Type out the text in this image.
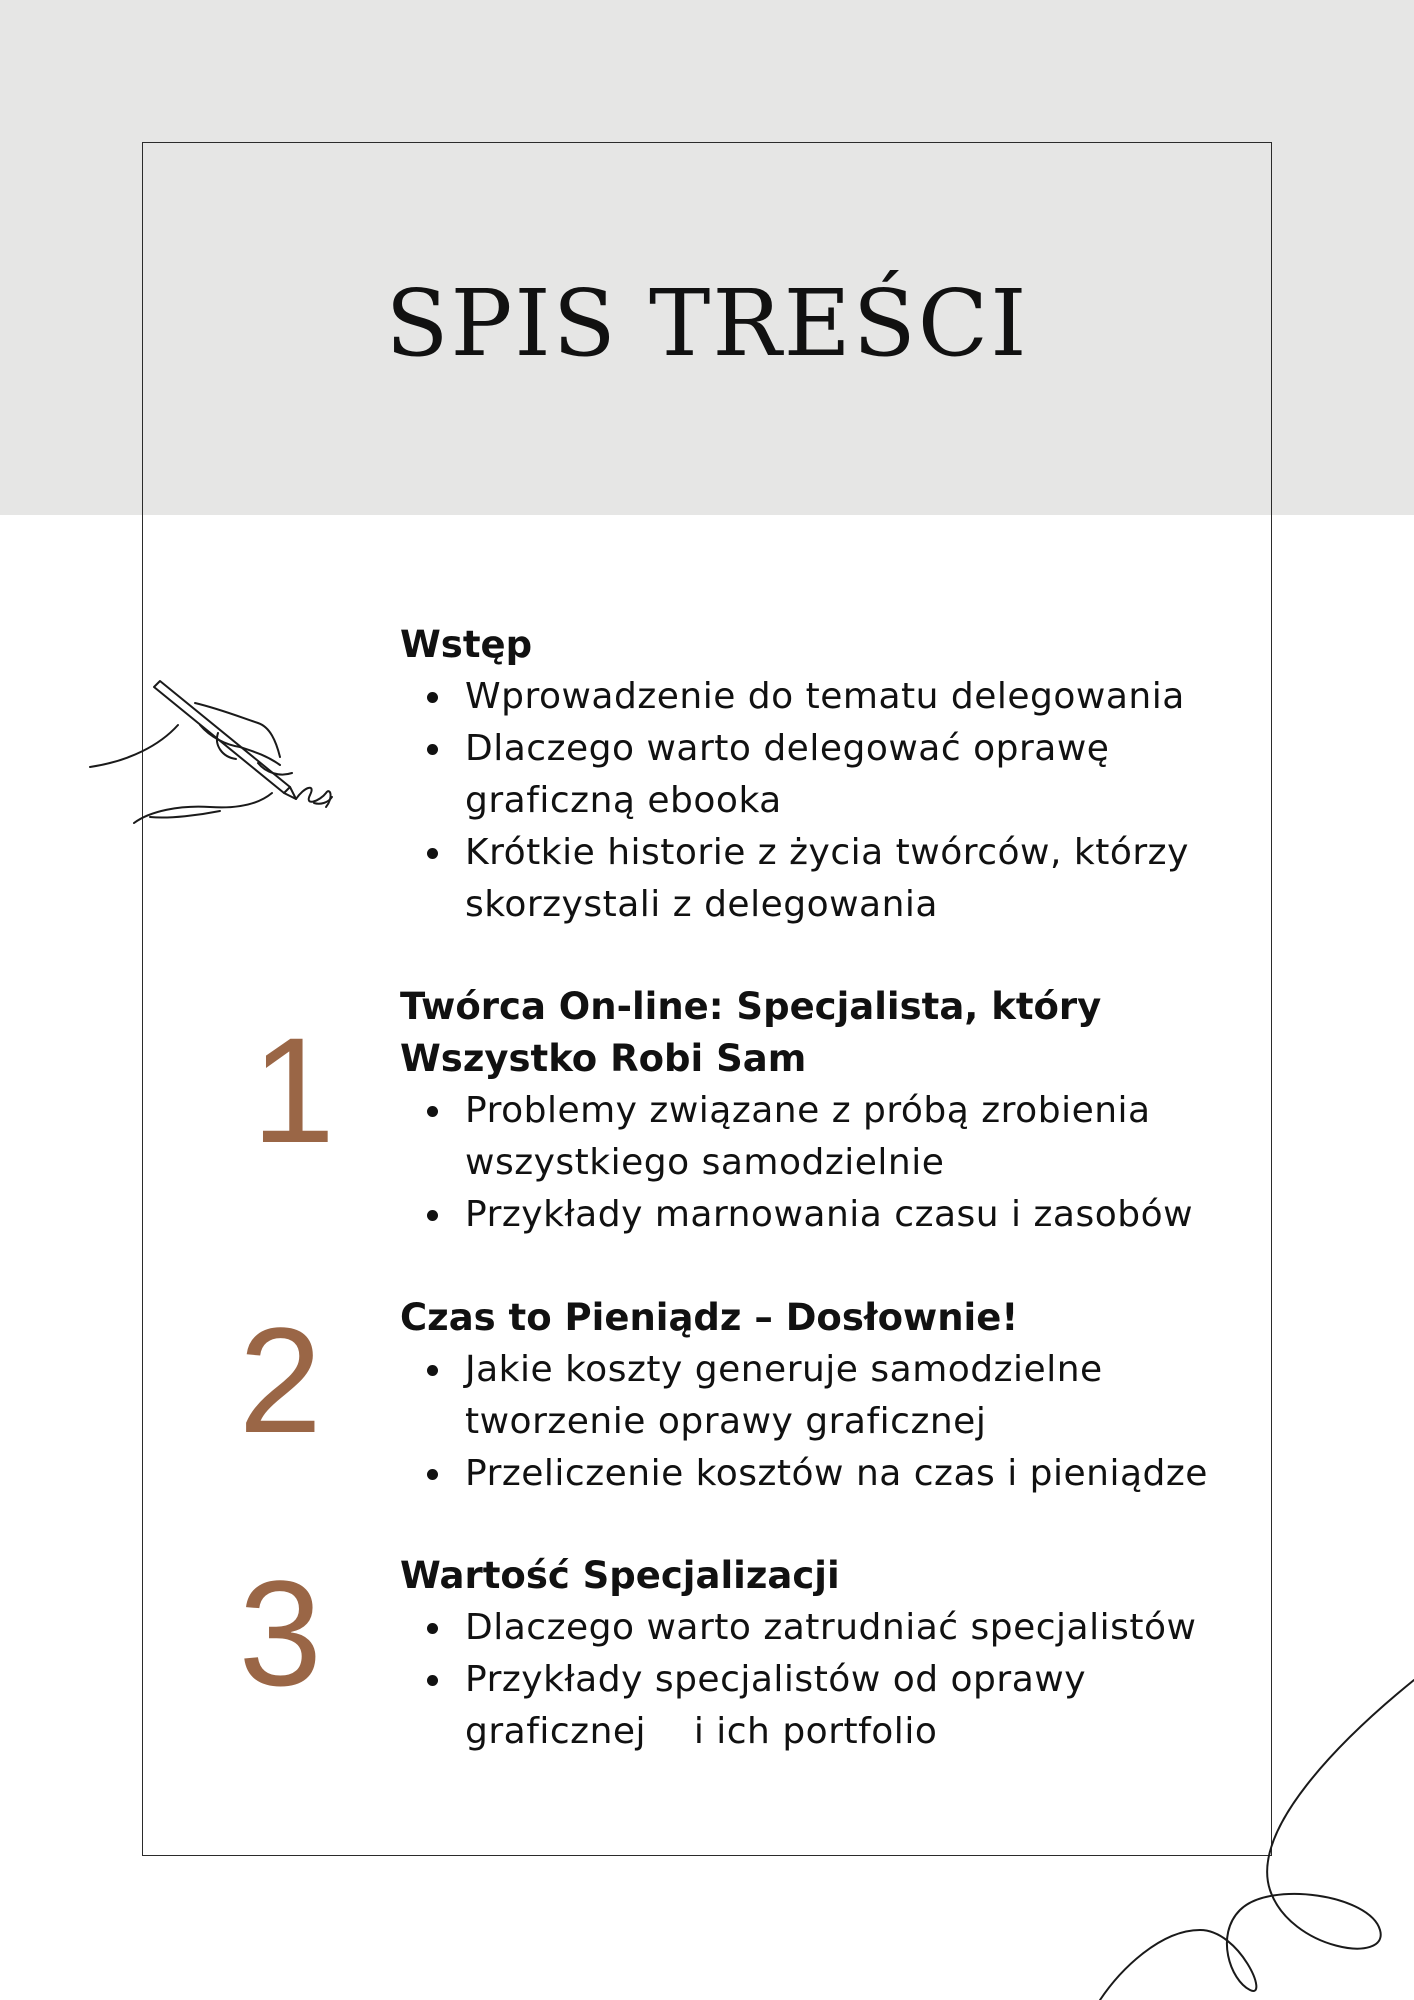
SPIS TREŚCI

Wstęp

Wprowadzenie do tematu delegowania
Dlaczego warto delegować oprawę graficzną ebooka
Krótkie historie z życia twórców, którzy skorzystali z delegowania
1 Twórca On-line: Specjalista, który Wszystko Robi Sam

Problemy związane z próbą zrobienia wszystkiego samodzielnie
Przykłady marnowania czasu i zasobów
2 Czas to Pieniądz – Dosłownie!

Jakie koszty generuje samodzielne tworzenie oprawy graficznej
Przeliczenie kosztów na czas i pieniądze
3 Wartość Specjalizacji

Dlaczego warto zatrudniać specjalistów
Przykłady specjalistów od oprawy graficznej    i ich portfolio
